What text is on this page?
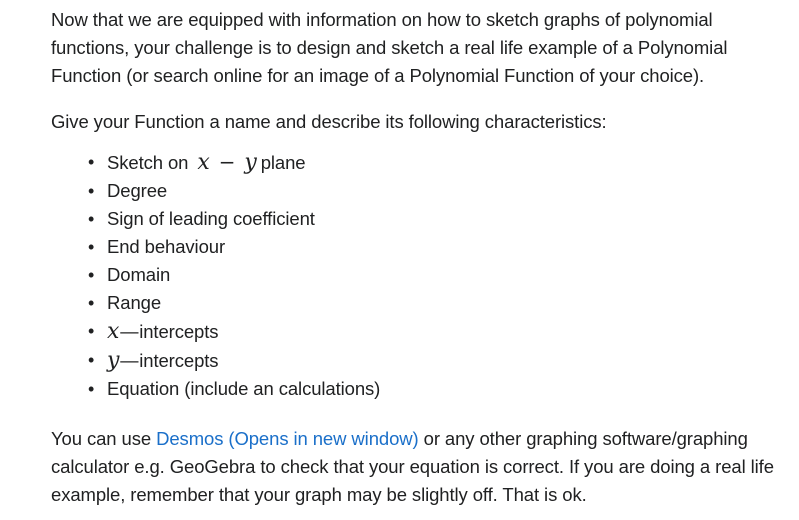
Now that we are equipped with information on how to sketch graphs of polynomial functions, your challenge is to design and sketch a real life example of a Polynomial Function (or search online for an image of a Polynomial Function of your choice).

Give your Function a name and describe its following characteristics:

• Sketch on x − y plane
• Degree
• Sign of leading coefficient
• End behaviour
• Domain
• Range
• x—intercepts
• y—intercepts
• Equation (include an calculations)

You can use Desmos (Opens in new window) or any other graphing software/graphing calculator e.g. GeoGebra to check that your equation is correct. If you are doing a real life example, remember that your graph may be slightly off. That is ok.
